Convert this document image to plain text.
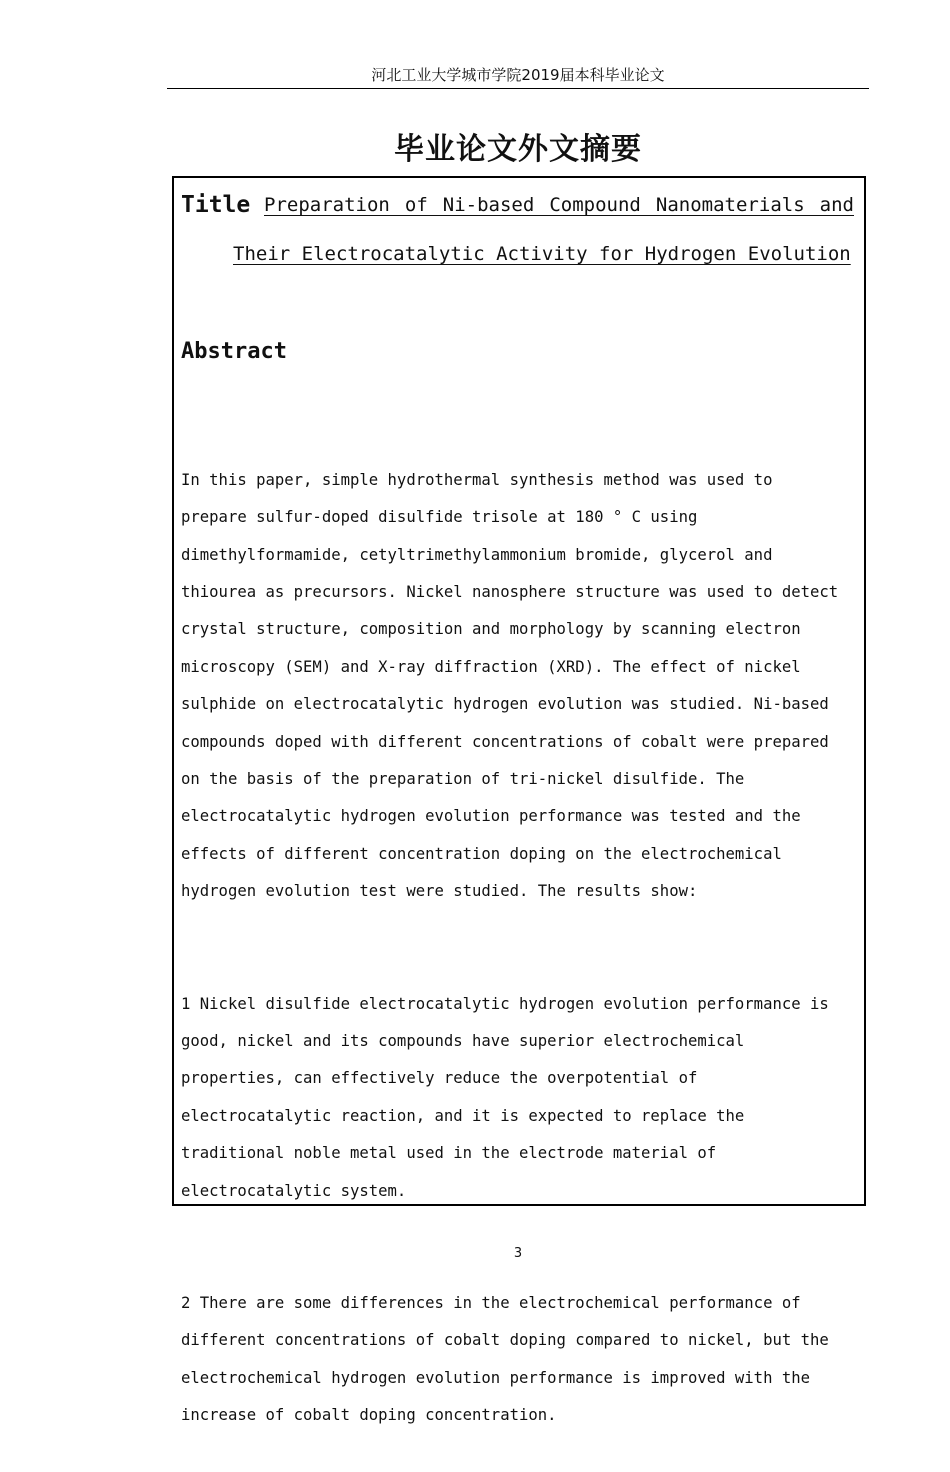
河北工业大学城市学院2019届本科毕业论文
毕业论文外文摘要
Title Preparation of Ni-based Compound Nanomaterials and
Their Electrocatalytic Activity for Hydrogen Evolution
Abstract

In this paper, simple hydrothermal synthesis method was used to
prepare sulfur-doped disulfide trisole at 180 ° C using
dimethylformamide, cetyltrimethylammonium bromide, glycerol and
thiourea as precursors. Nickel nanosphere structure was used to detect
crystal structure, composition and morphology by scanning electron
microscopy (SEM) and X-ray diffraction (XRD). The effect of nickel
sulphide on electrocatalytic hydrogen evolution was studied. Ni-based
compounds doped with different concentrations of cobalt were prepared
on the basis of the preparation of tri-nickel disulfide. The
electrocatalytic hydrogen evolution performance was tested and the
effects of different concentration doping on the electrochemical
hydrogen evolution test were studied. The results show:

1 Nickel disulfide electrocatalytic hydrogen evolution performance is
good, nickel and its compounds have superior electrochemical
properties, can effectively reduce the overpotential of
electrocatalytic reaction, and it is expected to replace the
traditional noble metal used in the electrode material of
electrocatalytic system.

2 There are some differences in the electrochemical performance of
different concentrations of cobalt doping compared to nickel, but the
electrochemical hydrogen evolution performance is improved with the
increase of cobalt doping concentration.

3
